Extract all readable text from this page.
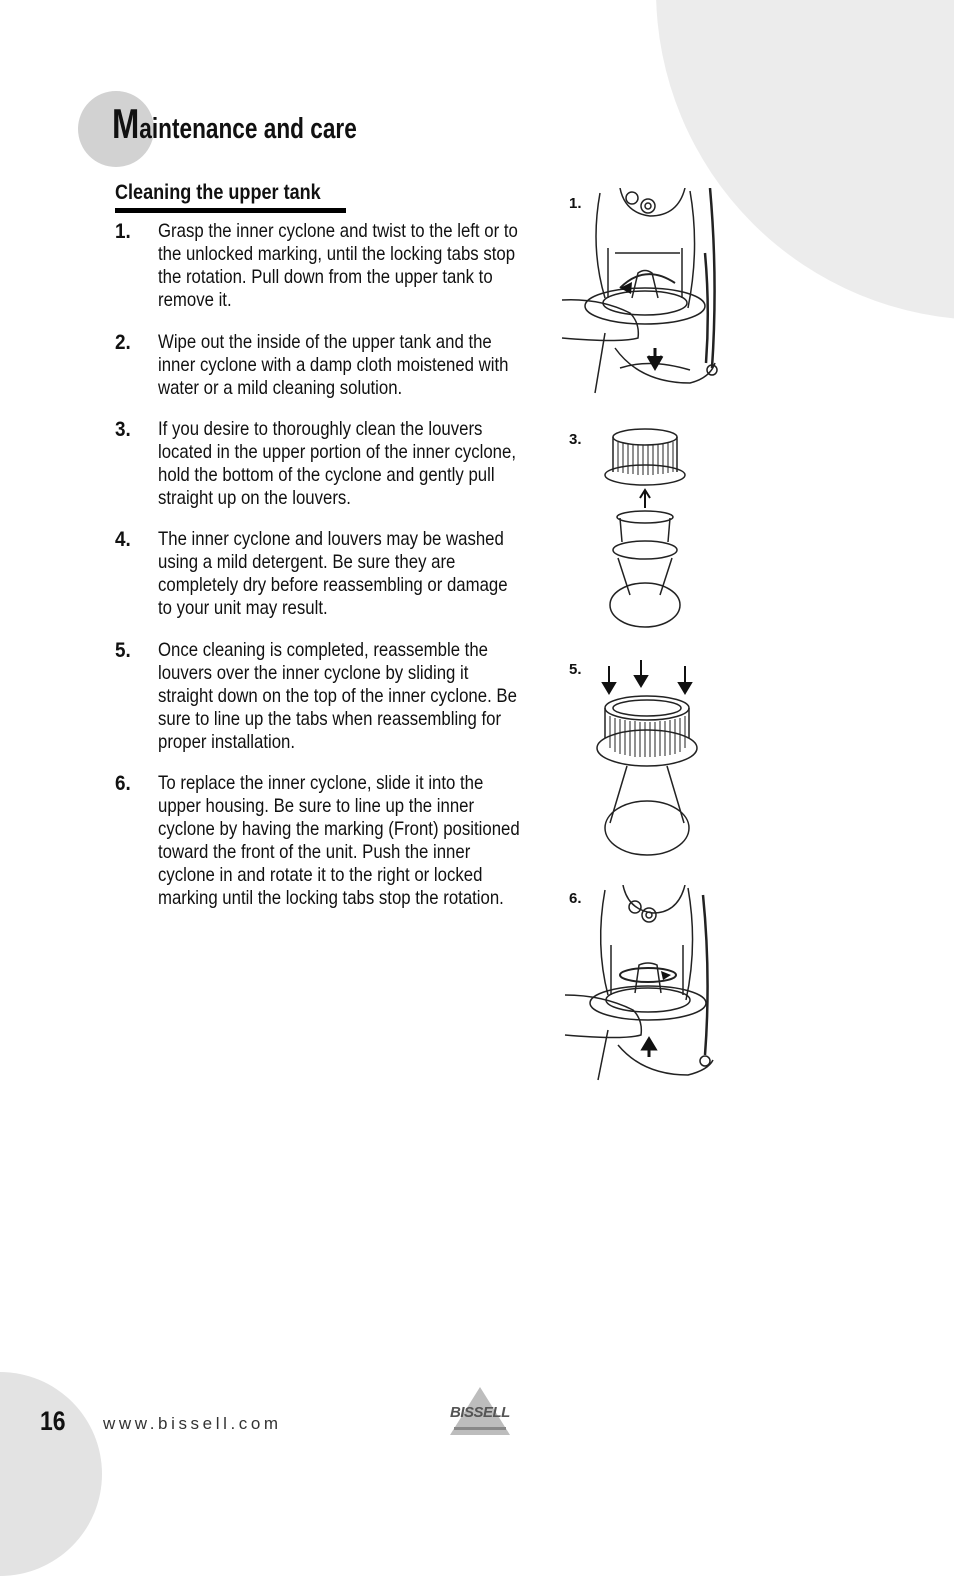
Maintenance and care
Cleaning the upper tank
1. Grasp the inner cyclone and twist to the left or to the unlocked marking, until the locking tabs stop the rotation. Pull down from the upper tank to remove it.
2. Wipe out the inside of the upper tank and the inner cyclone with a damp cloth moistened with water or a mild cleaning solution.
3. If you desire to thoroughly clean the louvers located in the upper portion of the inner cyclone, hold the bottom of the cyclone and gently pull straight up on the louvers.
4. The inner cyclone and louvers may be washed using a mild detergent. Be sure they are completely dry before reassembling or damage to your unit may result.
5. Once cleaning is completed, reassemble the louvers over the inner cyclone by sliding it straight down on the top of the inner cyclone. Be sure to line up the tabs when reassembling for proper installation.
6. To replace the inner cyclone, slide it into the upper housing. Be sure to line up the inner cyclone by having the marking (Front) positioned toward the front of the unit. Push the inner cyclone in and rotate it to the right or locked marking until the locking tabs stop the rotation.
1.
3.
5.
6.
16 www.bissell.com
BISSELL
